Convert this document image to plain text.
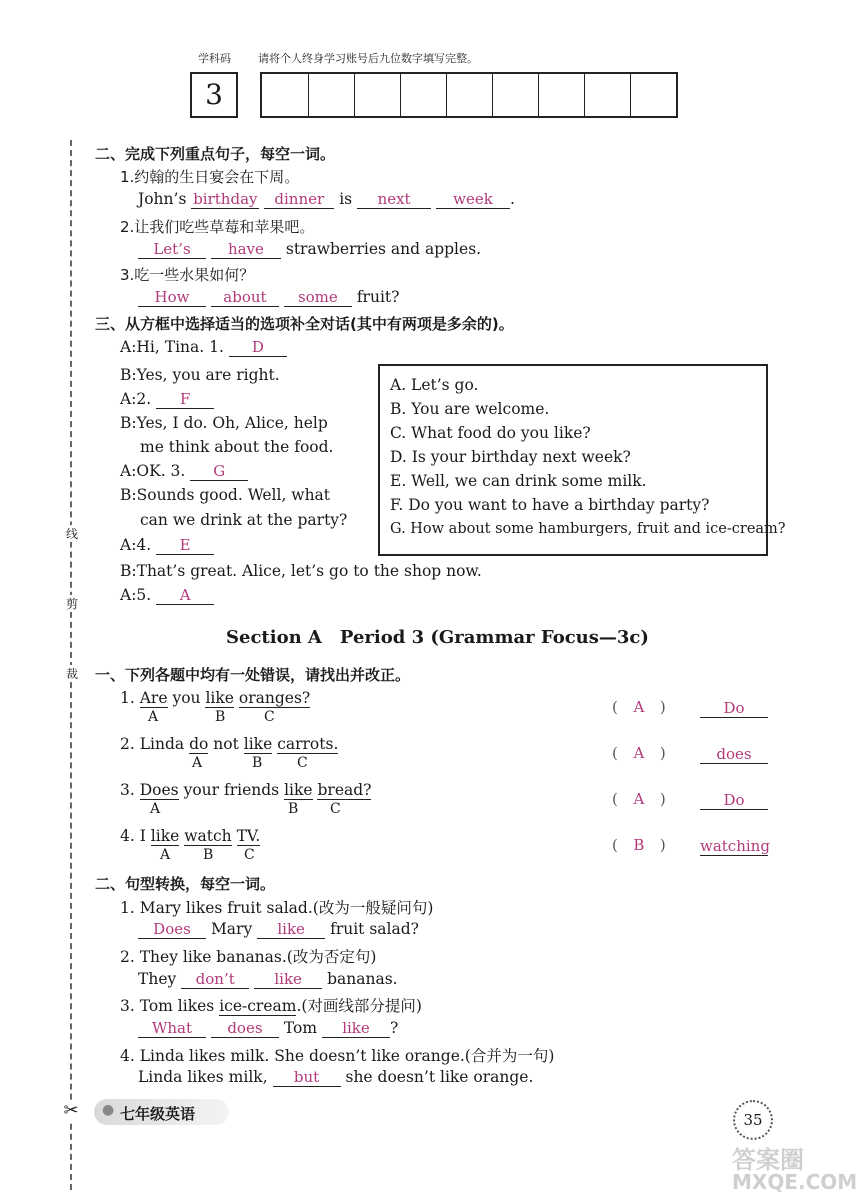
学科码 请将个人终身学习账号后九位数字填写完整。
3
线
剪
裁
✂
二、完成下列重点句子，每空一词。
1.约翰的生日宴会在下周。
John’s birthday dinner is next	week .
2.让我们吃些草莓和苹果吧。
Let’s have strawberries and apples.
3.吃一些水果如何？
How about some fruit?
三、从方框中选择适当的选项补全对话(其中有两项是多余的)。
A:Hi, Tina. 1. D
B:Yes, you are right.
A:2. F
B:Yes, I do. Oh, Alice, help
me think about the food.
A:OK. 3. G
B:Sounds good. Well, what
can we drink at the party?
A:4. E
B:That’s great. Alice, let’s go to the shop now.
A:5. A
A. Let’s go.
B. You are welcome.
C. What food do you like?
D. Is your birthday next week?
E. Well, we can drink some milk.
F. Do you want to have a birthday party?
G. How about some hamburgers, fruit and ice-cream?
Section A　Period 3 (Grammar Focus—3c)
一、下列各题中均有一处错误，请找出并改正。
1. Are you like oranges?
A	B	C
( A )	Do
2. Linda do not like carrots.
A	B C
( A )	does
3. Does your friends like bread?
A	B C
( A )	Do
4. I like watch TV.
A B C
( B ) watching
二、句型转换，每空一词。
1. Mary likes fruit salad.(改为一般疑问句)
Does Mary like fruit salad?
2. They like bananas.(改为否定句)
They don’t	like bananas.
3. Tom likes ice-cream.(对画线部分提问)
What does Tom like ?
4. Linda likes milk. She doesn’t like orange.(合并为一句)
Linda likes milk, but she doesn’t like orange.
● 七年级英语	35
答案圈
MXQE.COM
